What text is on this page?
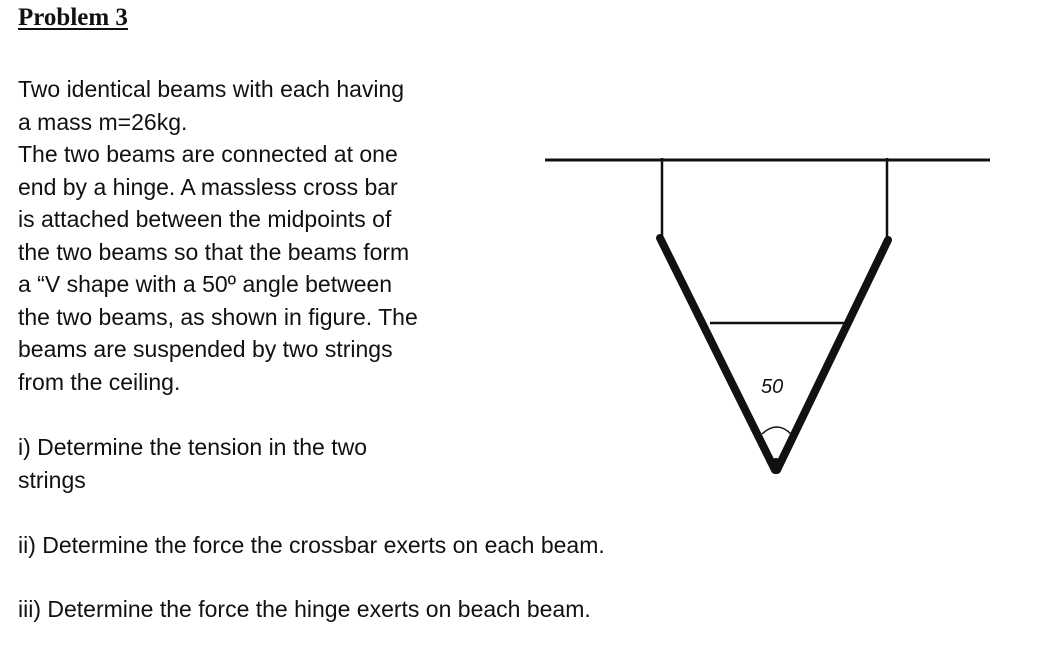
Problem 3

Two identical beams with each having
a mass m=26kg.
The two beams are connected at one
end by a hinge. A massless cross bar
is attached between the midpoints of
the two beams so that the beams form
a “V shape with a 50º angle between
the two beams, as shown in figure. The
beams are suspended by two strings
from the ceiling.

i) Determine the tension in the two
strings

ii) Determine the force the crossbar exerts on each beam.

iii) Determine the force the hinge exerts on beach beam.

50
